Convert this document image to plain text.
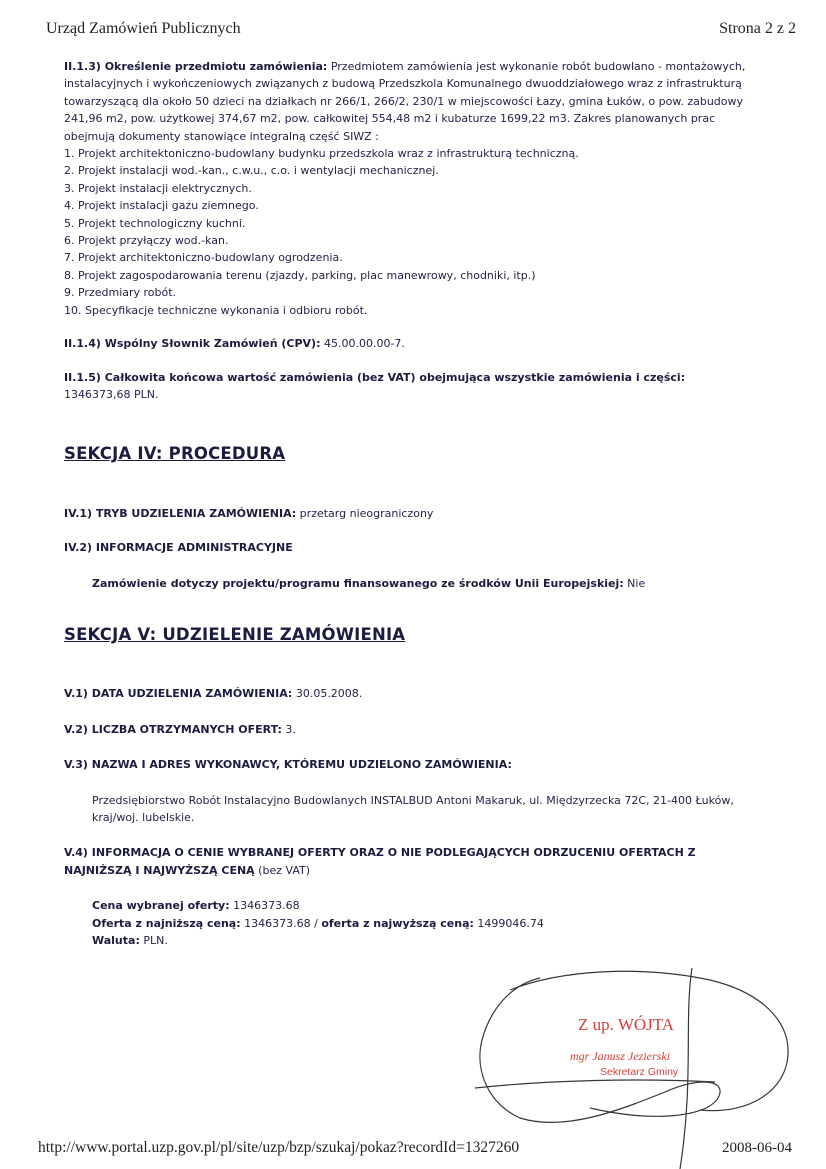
Urząd Zamówień Publicznych	Strona 2 z 2

II.1.3) Określenie przedmiotu zamówienia: Przedmiotem zamówienia jest wykonanie robót budowlano - montażowych, instalacyjnych i wykończeniowych związanych z budową Przedszkola Komunalnego dwuoddziałowego wraz z infrastrukturą towarzyszącą dla około 50 dzieci na działkach nr 266/1, 266/2, 230/1 w miejscowości Łazy, gmina Łuków, o pow. zabudowy 241,96 m2, pow. użytkowej 374,67 m2, pow. całkowitej 554,48 m2 i kubaturze 1699,22 m3. Zakres planowanych prac obejmują dokumenty stanowiące integralną część SIWZ :

1. Projekt architektoniczno-budowlany budynku przedszkola wraz z infrastrukturą techniczną.
2. Projekt instalacji wod.-kan., c.w.u., c.o. i wentylacji mechanicznej.
3. Projekt instalacji elektrycznych.
4. Projekt instalacji gazu ziemnego.
5. Projekt technologiczny kuchni.
6. Projekt przyłączy wod.-kan.
7. Projekt architektoniczno-budowlany ogrodzenia.
8. Projekt zagospodarowania terenu (zjazdy, parking, plac manewrowy, chodniki, itp.)
9. Przedmiary robót.
10. Specyfikacje techniczne wykonania i odbioru robót.

II.1.4) Wspólny Słownik Zamówień (CPV): 45.00.00.00-7.

II.1.5) Całkowita końcowa wartość zamówienia (bez VAT) obejmująca wszystkie zamówienia i części:
1346373,68 PLN.

SEKCJA IV: PROCEDURA

IV.1) TRYB UDZIELENIA ZAMÓWIENIA: przetarg nieograniczony

IV.2) INFORMACJE ADMINISTRACYJNE

Zamówienie dotyczy projektu/programu finansowanego ze środków Unii Europejskiej: Nie

SEKCJA V: UDZIELENIE ZAMÓWIENIA

V.1) DATA UDZIELENIA ZAMÓWIENIA: 30.05.2008.

V.2) LICZBA OTRZYMANYCH OFERT: 3.

V.3) NAZWA I ADRES WYKONAWCY, KTÓREMU UDZIELONO ZAMÓWIENIA:

Przedsiębiorstwo Robót Instalacyjno Budowlanych INSTALBUD Antoni Makaruk, ul. Międzyrzecka 72C, 21-400 Łuków, kraj/woj. lubelskie.

V.4) INFORMACJA O CENIE WYBRANEJ OFERTY ORAZ O NIE PODLEGAJĄCYCH ODRZUCENIU OFERTACH Z NAJNIŻSZĄ I NAJWYŻSZĄ CENĄ (bez VAT)

Cena wybranej oferty: 1346373.68

Oferta z najniższą ceną: 1346373.68 / oferta z najwyższą ceną: 1499046.74

Waluta: PLN.

Z up. WÓJTA
mgr Janusz Jezierski
Sekretarz Gminy
http://www.portal.uzp.gov.pl/pl/site/uzp/bzp/szukaj/pokaz?recordId=1327260	2008-06-04
